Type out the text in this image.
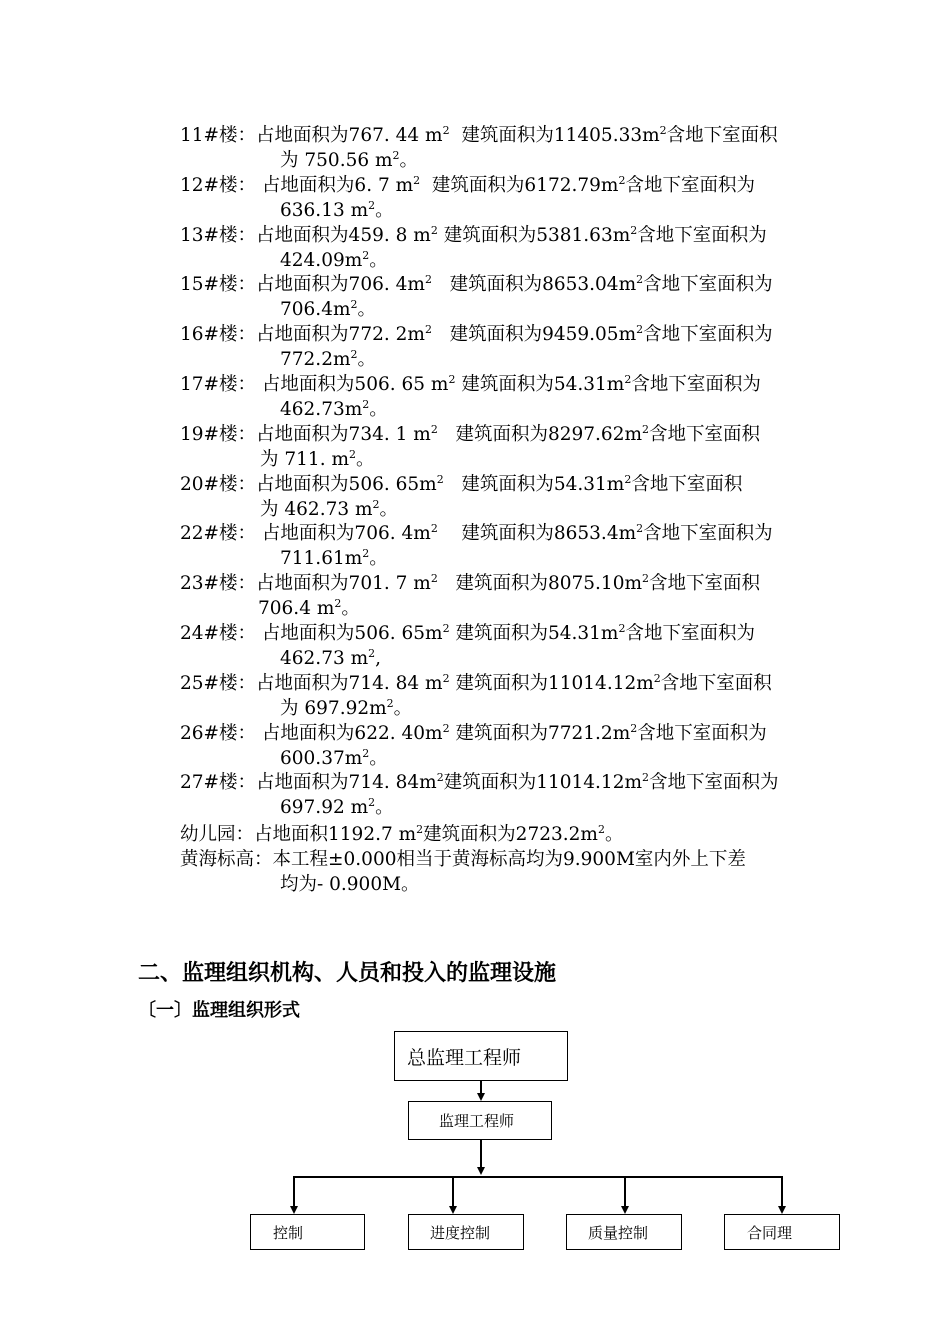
11#楼：占地面积为767. 44 $m^2$  建筑面积为$11405.33m^2$含地下室面积
为 750.56 $m^2$。
12#楼： 占地面积为6. 7 $m^2$  建筑面积为$6172.79m^2$含地下室面积为
636.13 $m^2$。
13#楼：占地面积为459. 8 $m^2$ 建筑面积为$5381.63m^2$含地下室面积为
$424.09m^2$。
15#楼：占地面积为706. $4m^2$   建筑面积为$8653.04m^2$含地下室面积为
$706.4m^2$。
16#楼：占地面积为772. $2m^2$   建筑面积为$9459.05m^2$含地下室面积为
$772.2m^2$。
17#楼： 占地面积为506. 65 $m^2$ 建筑面积为$54.31m^2$含地下室面积为
$462.73m^2$。
19#楼：占地面积为734. 1 $m^2$   建筑面积为$8297.62m^2$含地下室面积
为 711. $m^2$。
20#楼：占地面积为506. $65m^2$   建筑面积为$54.31m^2$含地下室面积
为 462.73 $m^2$。
22#楼： 占地面积为706. $4m^2$    建筑面积为$8653.4m^2$含地下室面积为
$711.61m^2$。
23#楼：占地面积为701. 7 $m^2$   建筑面积为$8075.10m^2$含地下室面积
706.4 $m^2$。
24#楼： 占地面积为506. $65m^2$ 建筑面积为$54.31m^2$含地下室面积为
462.73 $m^2$,
25#楼：占地面积为714. 84 $m^2$ 建筑面积为$11014.12m^2$含地下室面积
为 $697.92m^2$。
26#楼： 占地面积为622. $40m^2$ 建筑面积为$7721.2m^2$含地下室面积为
$600.37m^2$。
27#楼：占地面积为714. $84m^2$建筑面积为$11014.12m^2$含地下室面积为
697.92 $m^2$。
幼儿园：占地面积1192.7 $m^2$建筑面积为$2723.2m^2$。
黄海标高：本工程±0.000相当于黄海标高均为9.900M室内外上下差
均为- 0.900M。
二、监理组织机构、人员和投入的监理设施
〔一〕监理组织形式
总监理工程师
监理工程师
控制	进度控制	质量控制	合同理
